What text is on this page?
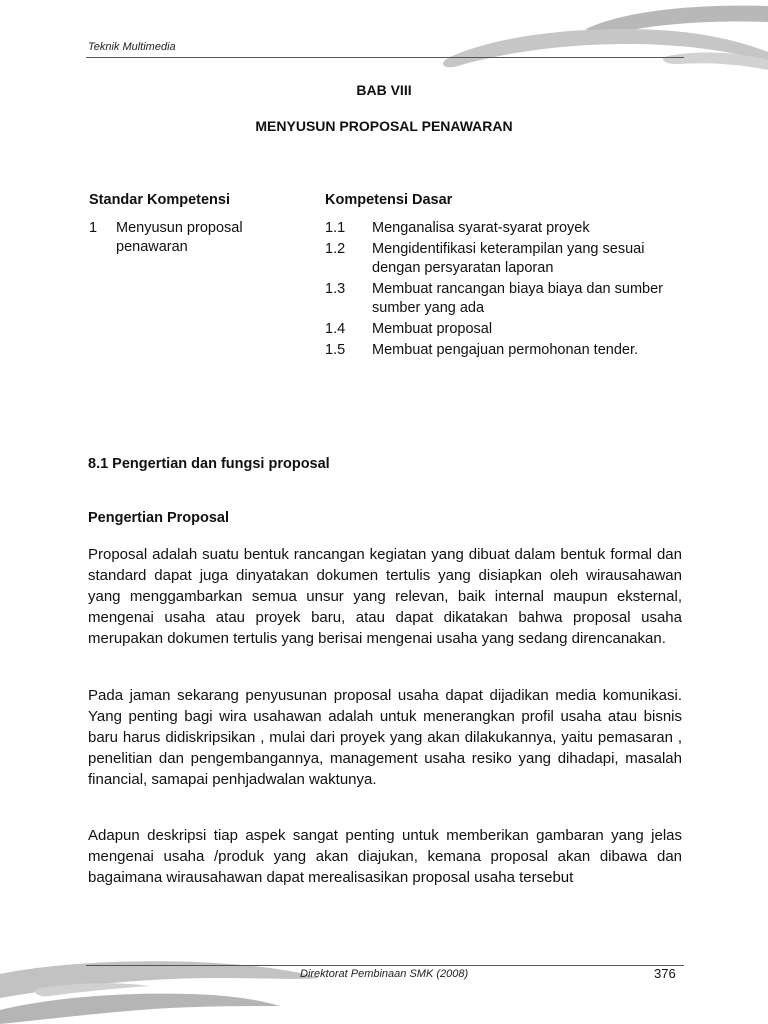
Teknik Multimedia
BAB VIII
MENYUSUN PROPOSAL PENAWARAN
Standar Kompetensi	Kompetensi Dasar
1 Menyusun proposal penawaran
1.1 Menganalisa syarat-syarat proyek
1.2 Mengidentifikasi keterampilan yang sesuai dengan persyaratan laporan
1.3 Membuat rancangan biaya biaya dan sumber sumber yang ada
1.4 Membuat proposal
1.5 Membuat pengajuan permohonan tender.
8.1 Pengertian dan fungsi proposal
Pengertian Proposal

Proposal adalah suatu bentuk rancangan kegiatan yang dibuat dalam bentuk formal dan standard dapat juga dinyatakan dokumen tertulis yang disiapkan oleh wirausahawan yang menggambarkan semua unsur yang relevan, baik internal maupun eksternal, mengenai usaha atau proyek baru, atau dapat dikatakan bahwa proposal usaha merupakan dokumen tertulis yang berisai mengenai usaha yang sedang direncanakan.

Pada jaman sekarang penyusunan proposal usaha dapat dijadikan media komunikasi. Yang penting bagi wira usahawan adalah untuk menerangkan profil usaha atau bisnis baru harus didiskripsikan , mulai dari proyek yang akan dilakukannya, yaitu pemasaran , penelitian dan pengembangannya, management usaha resiko yang dihadapi, masalah financial, samapai penhjadwalan waktunya.

Adapun deskripsi tiap aspek sangat penting untuk memberikan gambaran yang jelas mengenai usaha /produk yang akan diajukan, kemana proposal akan dibawa dan bagaimana wirausahawan dapat merealisasikan proposal usaha tersebut

Direktorat Pembinaan SMK (2008)	376
